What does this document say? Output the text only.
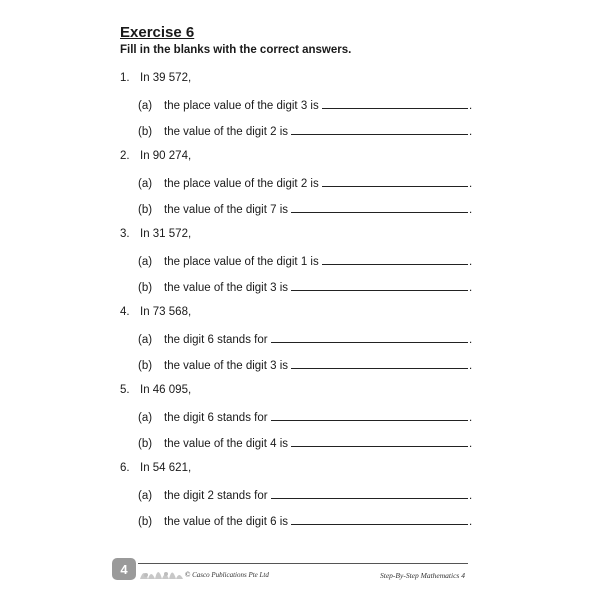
Exercise 6
Fill in the blanks with the correct answers.
1. In 39 572,
(a) the place value of the digit 3 is	.
(b) the value of the digit 2 is	.
2. In 90 274,
(a) the place value of the digit 2 is	.
(b) the value of the digit 7 is	.
3. In 31 572,
(a) the place value of the digit 1 is	.
(b) the value of the digit 3 is	.
4. In 73 568,
(a) the digit 6 stands for	.
(b) the value of the digit 3 is	.
5. In 46 095,
(a) the digit 6 stands for	.
(b) the value of the digit 4 is	.
6. In 54 621,
(a) the digit 2 stands for	.
(b) the value of the digit 6 is	.
4	© Casco Publications Pte Ltd	Step-By-Step Mathematics 4
